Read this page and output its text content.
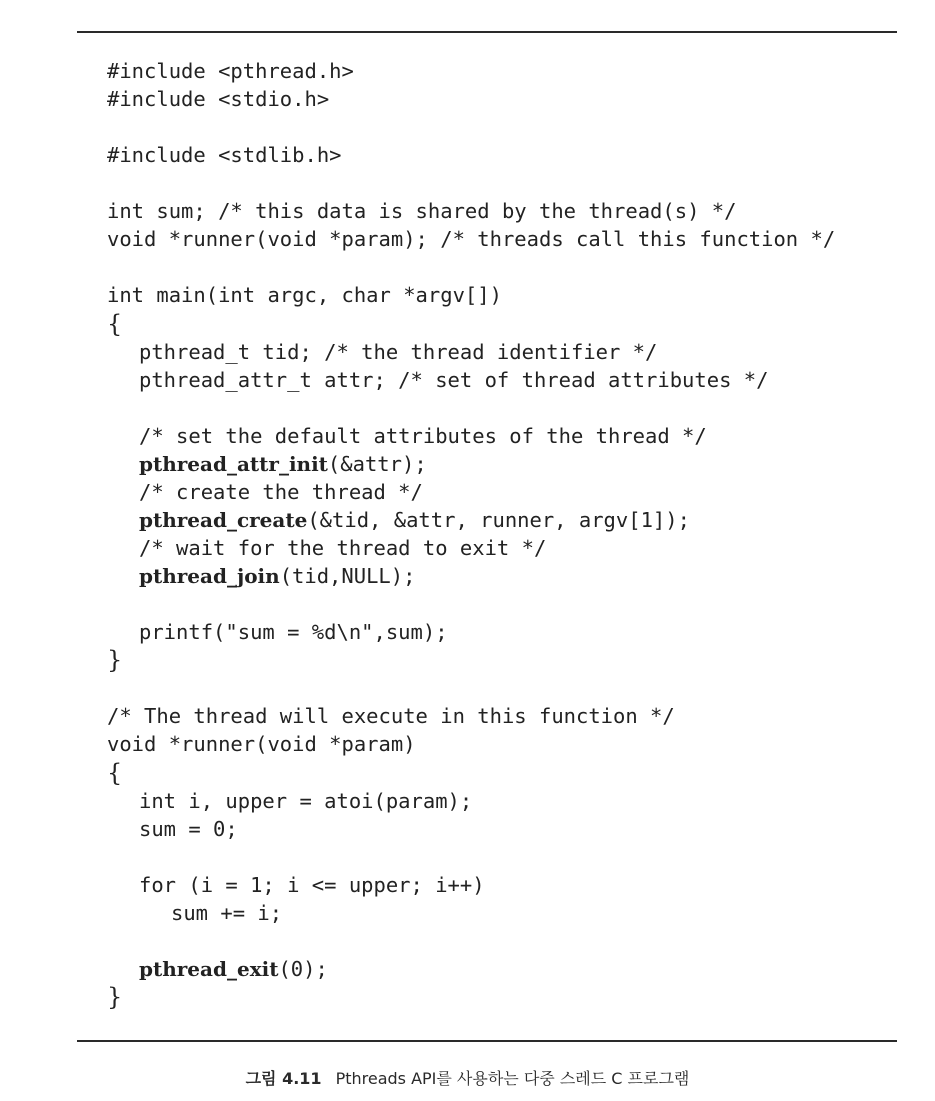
#include <pthread.h>
#include <stdio.h>
#include <stdlib.h>
int sum; /* this data is shared by the thread(s) */
void *runner(void *param); /* threads call this function */
int main(int argc, char *argv[])
{
pthread_t tid; /* the thread identifier */
pthread_attr_t attr; /* set of thread attributes */
/* set the default attributes of the thread */
pthread_attr_init(&attr);
/* create the thread */
pthread_create(&tid, &attr, runner, argv[1]);
/* wait for the thread to exit */
pthread_join(tid,NULL);
printf("sum = %d\n",sum);
}
/* The thread will execute in this function */
void *runner(void *param)
{
int i, upper = atoi(param);
sum = 0;
for (i = 1; i <= upper; i++)
sum += i;
pthread_exit(0);
}
그림 4.11 Pthreads API를 사용하는 다중 스레드 C 프로그램
